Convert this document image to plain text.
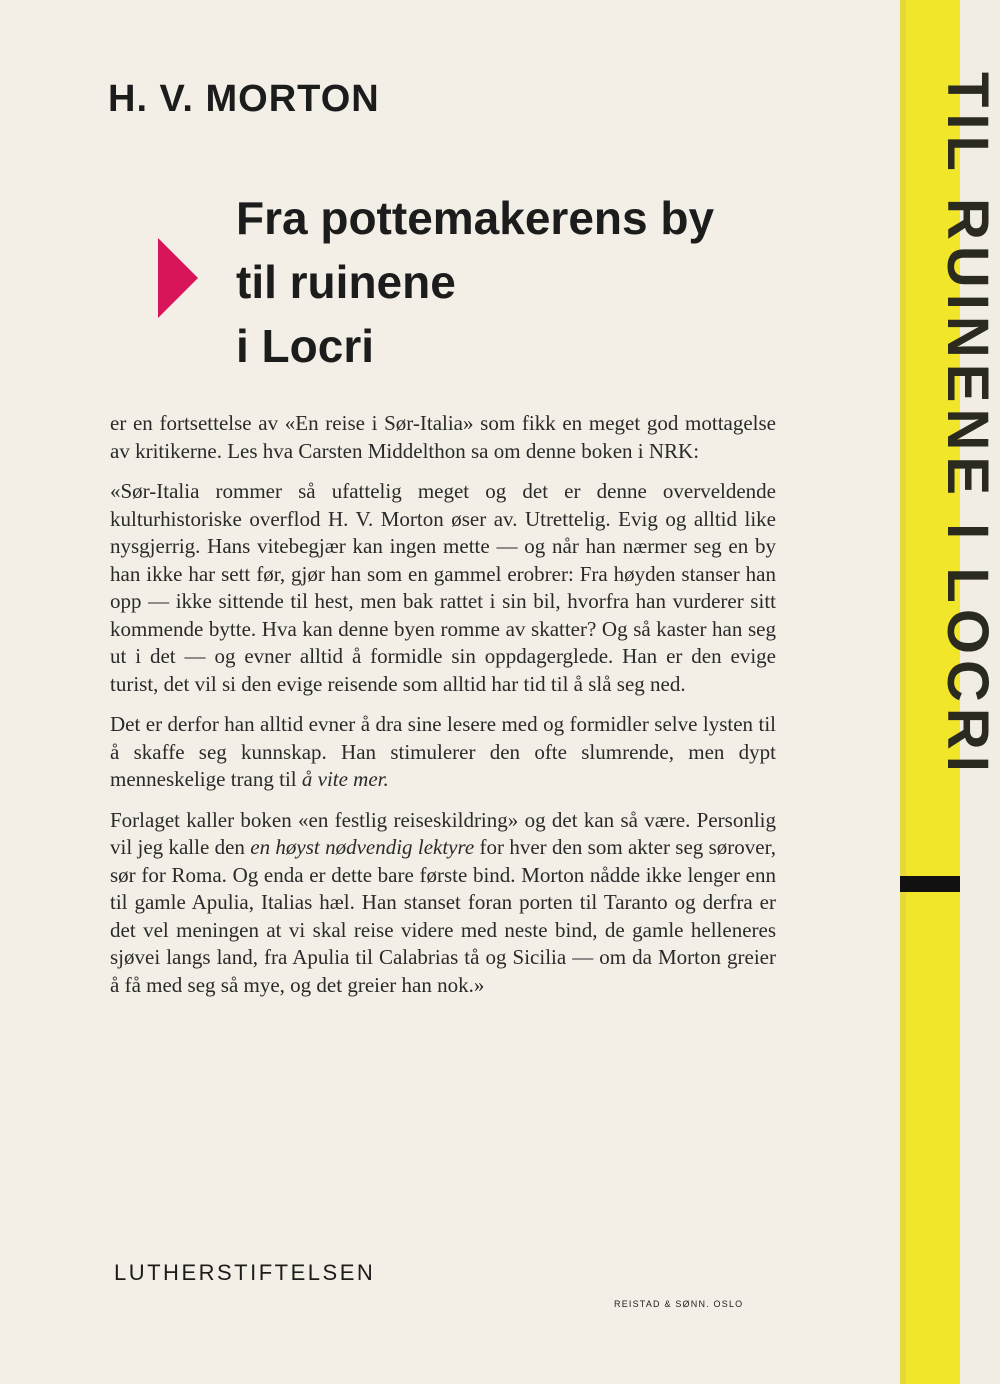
TIL RUINENE I LOCRI
H. V. MORTON
Fra pottemakerens by
til ruinene
i Locri

er en fortsettelse av «En reise i Sør-Italia» som fikk en meget god mottagelse av kritikerne. Les hva Carsten Middelthon sa om denne boken i NRK:

«Sør-Italia rommer så ufattelig meget og det er denne overveldende kulturhistoriske overflod H. V. Morton øser av. Utrettelig. Evig og alltid like nysgjerrig. Hans vitebegjær kan ingen mette — og når han nærmer seg en by han ikke har sett før, gjør han som en gammel erobrer: Fra høyden stanser han opp — ikke sittende til hest, men bak rattet i sin bil, hvorfra han vurderer sitt kommende bytte. Hva kan denne byen romme av skatter? Og så kaster han seg ut i det — og evner alltid å formidle sin oppdagerglede. Han er den evige turist, det vil si den evige reisende som alltid har tid til å slå seg ned.

Det er derfor han alltid evner å dra sine lesere med og formidler selve lysten til å skaffe seg kunnskap. Han stimulerer den ofte slumrende, men dypt menneskelige trang til å vite mer.

Forlaget kaller boken «en festlig reiseskildring» og det kan så være. Personlig vil jeg kalle den en høyst nødvendig lektyre for hver den som akter seg sørover, sør for Roma. Og enda er dette bare første bind. Morton nådde ikke lenger enn til gamle Apulia, Italias hæl. Han stanset foran porten til Taranto og derfra er det vel meningen at vi skal reise videre med neste bind, de gamle helleneres sjøvei langs land, fra Apulia til Calabrias tå og Sicilia — om da Morton greier å få med seg så mye, og det greier han nok.»

LUTHERSTIFTELSEN
REISTAD & SØNN. OSLO
